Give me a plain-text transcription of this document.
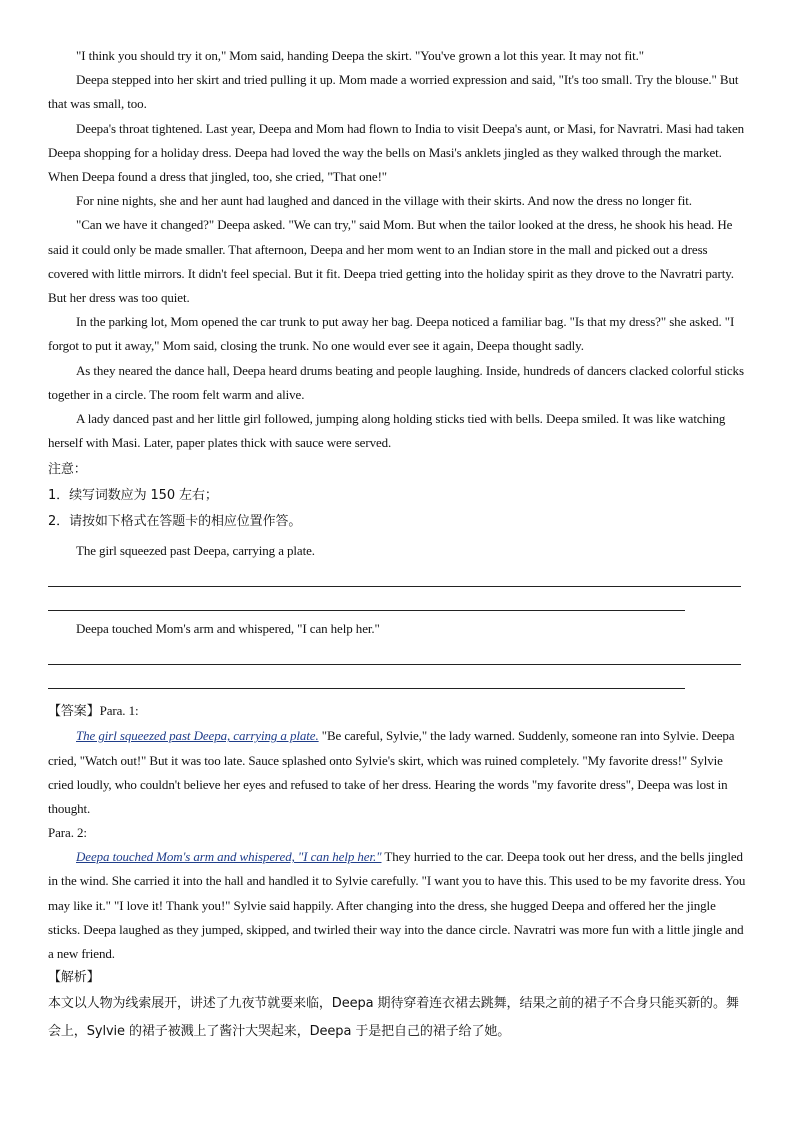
"I think you should try it on," Mom said, handing Deepa the skirt. "You've grown a lot this year. It may not fit."

Deepa stepped into her skirt and tried pulling it up. Mom made a worried expression and said, "It's too small. Try the blouse." But that was small, too.

Deepa's throat tightened. Last year, Deepa and Mom had flown to India to visit Deepa's aunt, or Masi, for Navratri. Masi had taken Deepa shopping for a holiday dress. Deepa had loved the way the bells on Masi's anklets jingled as they walked through the market. When Deepa found a dress that jingled, too, she cried, "That one!"

For nine nights, she and her aunt had laughed and danced in the village with their skirts. And now the dress no longer fit.

"Can we have it changed?" Deepa asked. "We can try," said Mom. But when the tailor looked at the dress, he shook his head. He said it could only be made smaller. That afternoon, Deepa and her mom went to an Indian store in the mall and picked out a dress covered with little mirrors. It didn't feel special. But it fit. Deepa tried getting into the holiday spirit as they drove to the Navratri party. But her dress was too quiet.

In the parking lot, Mom opened the car trunk to put away her bag. Deepa noticed a familiar bag. "Is that my dress?" she asked. "I forgot to put it away," Mom said, closing the trunk. No one would ever see it again, Deepa thought sadly.

As they neared the dance hall, Deepa heard drums beating and people laughing. Inside, hundreds of dancers clacked colorful sticks together in a circle. The room felt warm and alive.

A lady danced past and her little girl followed, jumping along holding sticks tied with bells. Deepa smiled. It was like watching herself with Masi. Later, paper plates thick with sauce were served.

注意：

1．续写词数应为 150 左右；

2．请按如下格式在答题卡的相应位置作答。

The girl squeezed past Deepa, carrying a plate.

Deepa touched Mom's arm and whispered, "I can help her."

【答案】Para. 1:

The girl squeezed past Deepa, carrying a plate. "Be careful, Sylvie," the lady warned. Suddenly, someone ran into Sylvie. Deepa cried, "Watch out!" But it was too late. Sauce splashed onto Sylvie's skirt, which was ruined completely. "My favorite dress!" Sylvie cried loudly, who couldn't believe her eyes and refused to take of her dress. Hearing the words "my favorite dress", Deepa was lost in thought.

Para. 2:

Deepa touched Mom's arm and whispered, "I can help her." They hurried to the car. Deepa took out her dress, and the bells jingled in the wind. She carried it into the hall and handled it to Sylvie carefully. "I want you to have this. This used to be my favorite dress. You may like it." "I love it! Thank you!" Sylvie said happily. After changing into the dress, she hugged Deepa and offered her the jingle sticks. Deepa laughed as they jumped, skipped, and twirled their way into the dance circle. Navratri was more fun with a little jingle and a new friend.

【解析】

本文以人物为线索展开，讲述了九夜节就要来临，Deepa 期待穿着连衣裙去跳舞，结果之前的裙子不合身只能买新的。舞会上，Sylvie 的裙子被溅上了酱汁大哭起来，Deepa 于是把自己的裙子给了她。
